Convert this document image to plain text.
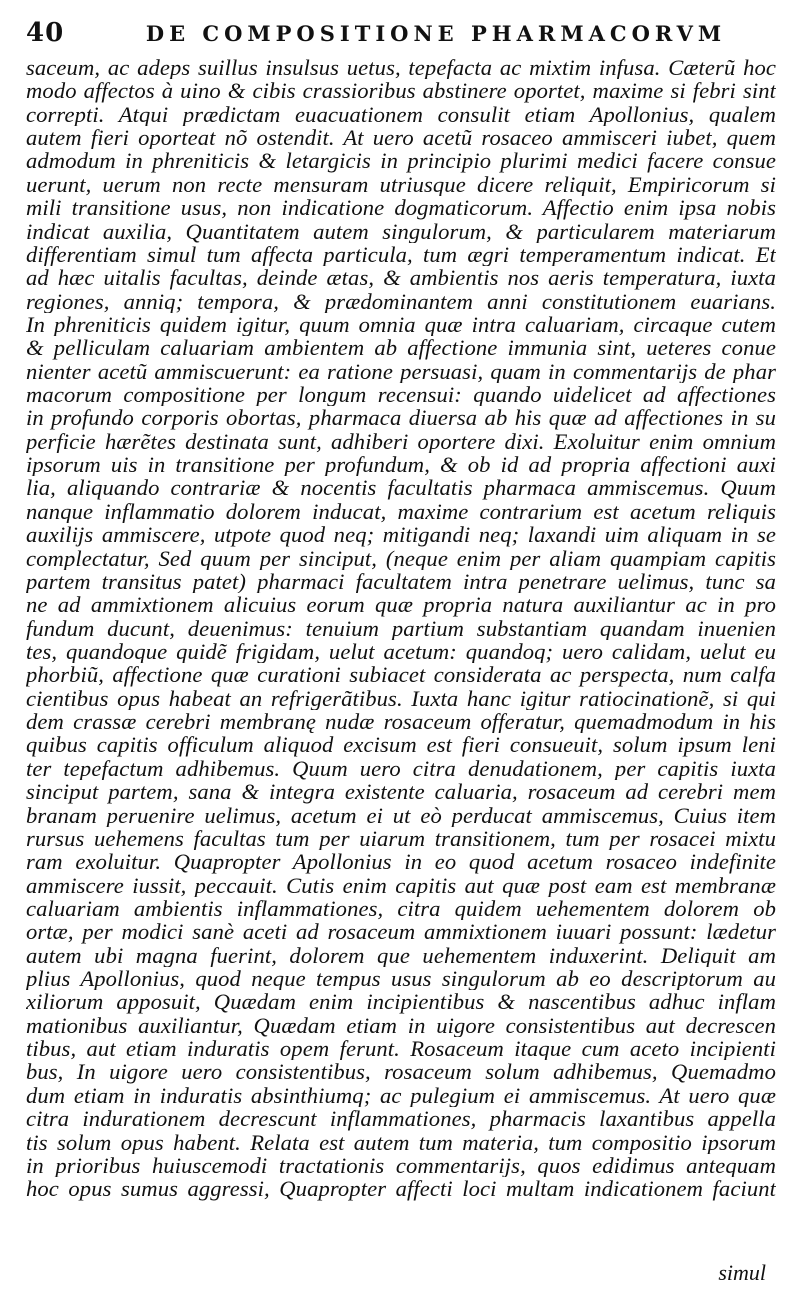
40	DE COMPOSITIONE PHARMACORVM
saceum, ac adeps suillus insulsus uetus, tepefacta ac mixtim infusa. Cæterũ hoc
modo affectos à uino & cibis crassioribus abstinere oportet, maxime si febri sint
correpti. Atqui prædictam euacuationem consulit etiam Apollonius, qualem
autem fieri oporteat nõ ostendit. At uero acetũ rosaceo ammisceri iubet, quem
admodum in phreniticis & letargicis in principio plurimi medici facere consue
uerunt, uerum non recte mensuram utriusque dicere reliquit, Empiricorum si
mili transitione usus, non indicatione dogmaticorum. Affectio enim ipsa nobis
indicat auxilia, Quantitatem autem singulorum, & particularem materiarum
differentiam simul tum affecta particula, tum ægri temperamentum indicat. Et
ad hæc uitalis facultas, deinde ætas, & ambientis nos aeris temperatura, iuxta
regiones, anniq; tempora, & prædominantem anni constitutionem euarians.
In phreniticis quidem igitur, quum omnia quæ intra caluariam, circaque cutem
& pelliculam caluariam ambientem ab affectione immunia sint, ueteres conue
nienter acetũ ammiscuerunt: ea ratione persuasi, quam in commentarijs de phar
macorum compositione per longum recensui: quando uidelicet ad affectiones
in profundo corporis obortas, pharmaca diuersa ab his quæ ad affectiones in su
perficie hærẽtes destinata sunt, adhiberi oportere dixi. Exoluitur enim omnium
ipsorum uis in transitione per profundum, & ob id ad propria affectioni auxi
lia, aliquando contrariæ & nocentis facultatis pharmaca ammiscemus. Quum
nanque inflammatio dolorem inducat, maxime contrarium est acetum reliquis
auxilijs ammiscere, utpote quod neq; mitigandi neq; laxandi uim aliquam in se
complectatur, Sed quum per sinciput, (neque enim per aliam quampiam capitis
partem transitus patet) pharmaci facultatem intra penetrare uelimus, tunc sa
ne ad ammixtionem alicuius eorum quæ propria natura auxiliantur ac in pro
fundum ducunt, deuenimus: tenuium partium substantiam quandam inuenien
tes, quandoque quidẽ frigidam, uelut acetum: quandoq; uero calidam, uelut eu
phorbiũ, affectione quæ curationi subiacet considerata ac perspecta, num calfa
cientibus opus habeat an refrigerãtibus. Iuxta hanc igitur ratiocinationẽ, si qui
dem crassæ cerebri membranę nudæ rosaceum offeratur, quemadmodum in his
quibus capitis officulum aliquod excisum est fieri consueuit, solum ipsum leni
ter tepefactum adhibemus. Quum uero citra denudationem, per capitis iuxta
sinciput partem, sana & integra existente caluaria, rosaceum ad cerebri mem
branam peruenire uelimus, acetum ei ut eò perducat ammiscemus, Cuius item
rursus uehemens facultas tum per uiarum transitionem, tum per rosacei mixtu
ram exoluitur. Quapropter Apollonius in eo quod acetum rosaceo indefinite
ammiscere iussit, peccauit. Cutis enim capitis aut quæ post eam est membranæ
caluariam ambientis inflammationes, citra quidem uehementem dolorem ob
ortæ, per modici sanè aceti ad rosaceum ammixtionem iuuari possunt: lædetur
autem ubi magna fuerint, dolorem que uehementem induxerint. Deliquit am
plius Apollonius, quod neque tempus usus singulorum ab eo descriptorum au
xiliorum apposuit, Quædam enim incipientibus & nascentibus adhuc inflam
mationibus auxiliantur, Quædam etiam in uigore consistentibus aut decrescen
tibus, aut etiam induratis opem ferunt. Rosaceum itaque cum aceto incipienti
bus, In uigore uero consistentibus, rosaceum solum adhibemus, Quemadmo
dum etiam in induratis absinthiumq; ac pulegium ei ammiscemus. At uero quæ
citra indurationem decrescunt inflammationes, pharmacis laxantibus appella
tis solum opus habent. Relata est autem tum materia, tum compositio ipsorum
in prioribus huiuscemodi tractationis commentarijs, quos edidimus antequam
hoc opus sumus aggressi, Quapropter affecti loci multam indicationem faciunt
simul
